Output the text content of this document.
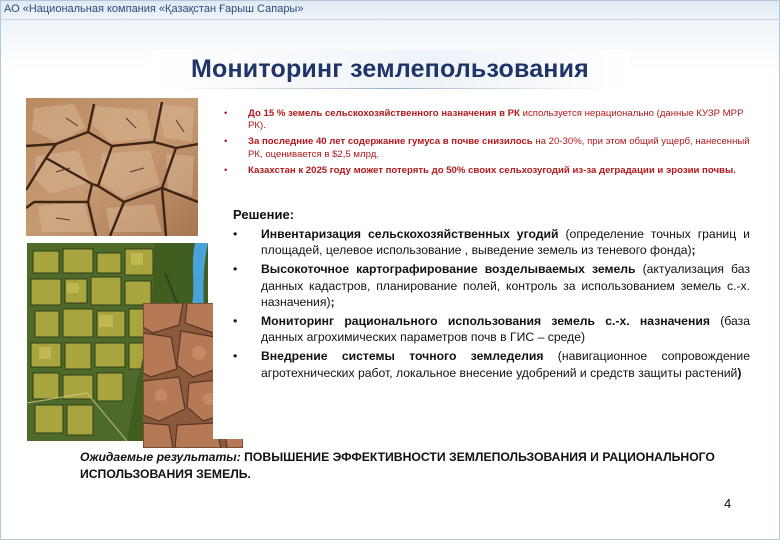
АО «Национальная компания «Қазақстан Ғарыш Сапары»
Мониторинг землепользования
• До 15 % земель сельскохозяйственного назначения в РК используется нерационально (данные КУЗР МРР РК).
• За последние 40 лет содержание гумуса в почве снизилось на 20-30%, при этом общий ущерб, нанесенный РК, оценивается в $2,5 млрд.
• Казахстан к 2025 году может потерять до 50% своих сельхозугодий из-за деградации и эрозии почвы.
Решение:
• Инвентаризация сельскохозяйственных угодий (определение точных границ и площадей, целевое использование , выведение земель из теневого фонда);
• Высокоточное картографирование возделываемых земель (актуализация баз данных кадастров, планирование полей, контроль за использованием земель с.-х. назначения);
• Мониторинг рационального использования земель с.-х. назначения (база данных агрохимических параметров почв в ГИС – среде)
• Внедрение системы точного земледелия (навигационное сопровождение агротехнических работ, локальное внесение удобрений и средств защиты растений)
Ожидаемые результаты: ПОВЫШЕНИЕ ЭФФЕКТИВНОСТИ ЗЕМЛЕПОЛЬЗОВАНИЯ И РАЦИОНАЛЬНОГО ИСПОЛЬЗОВАНИЯ ЗЕМЕЛЬ.
4
